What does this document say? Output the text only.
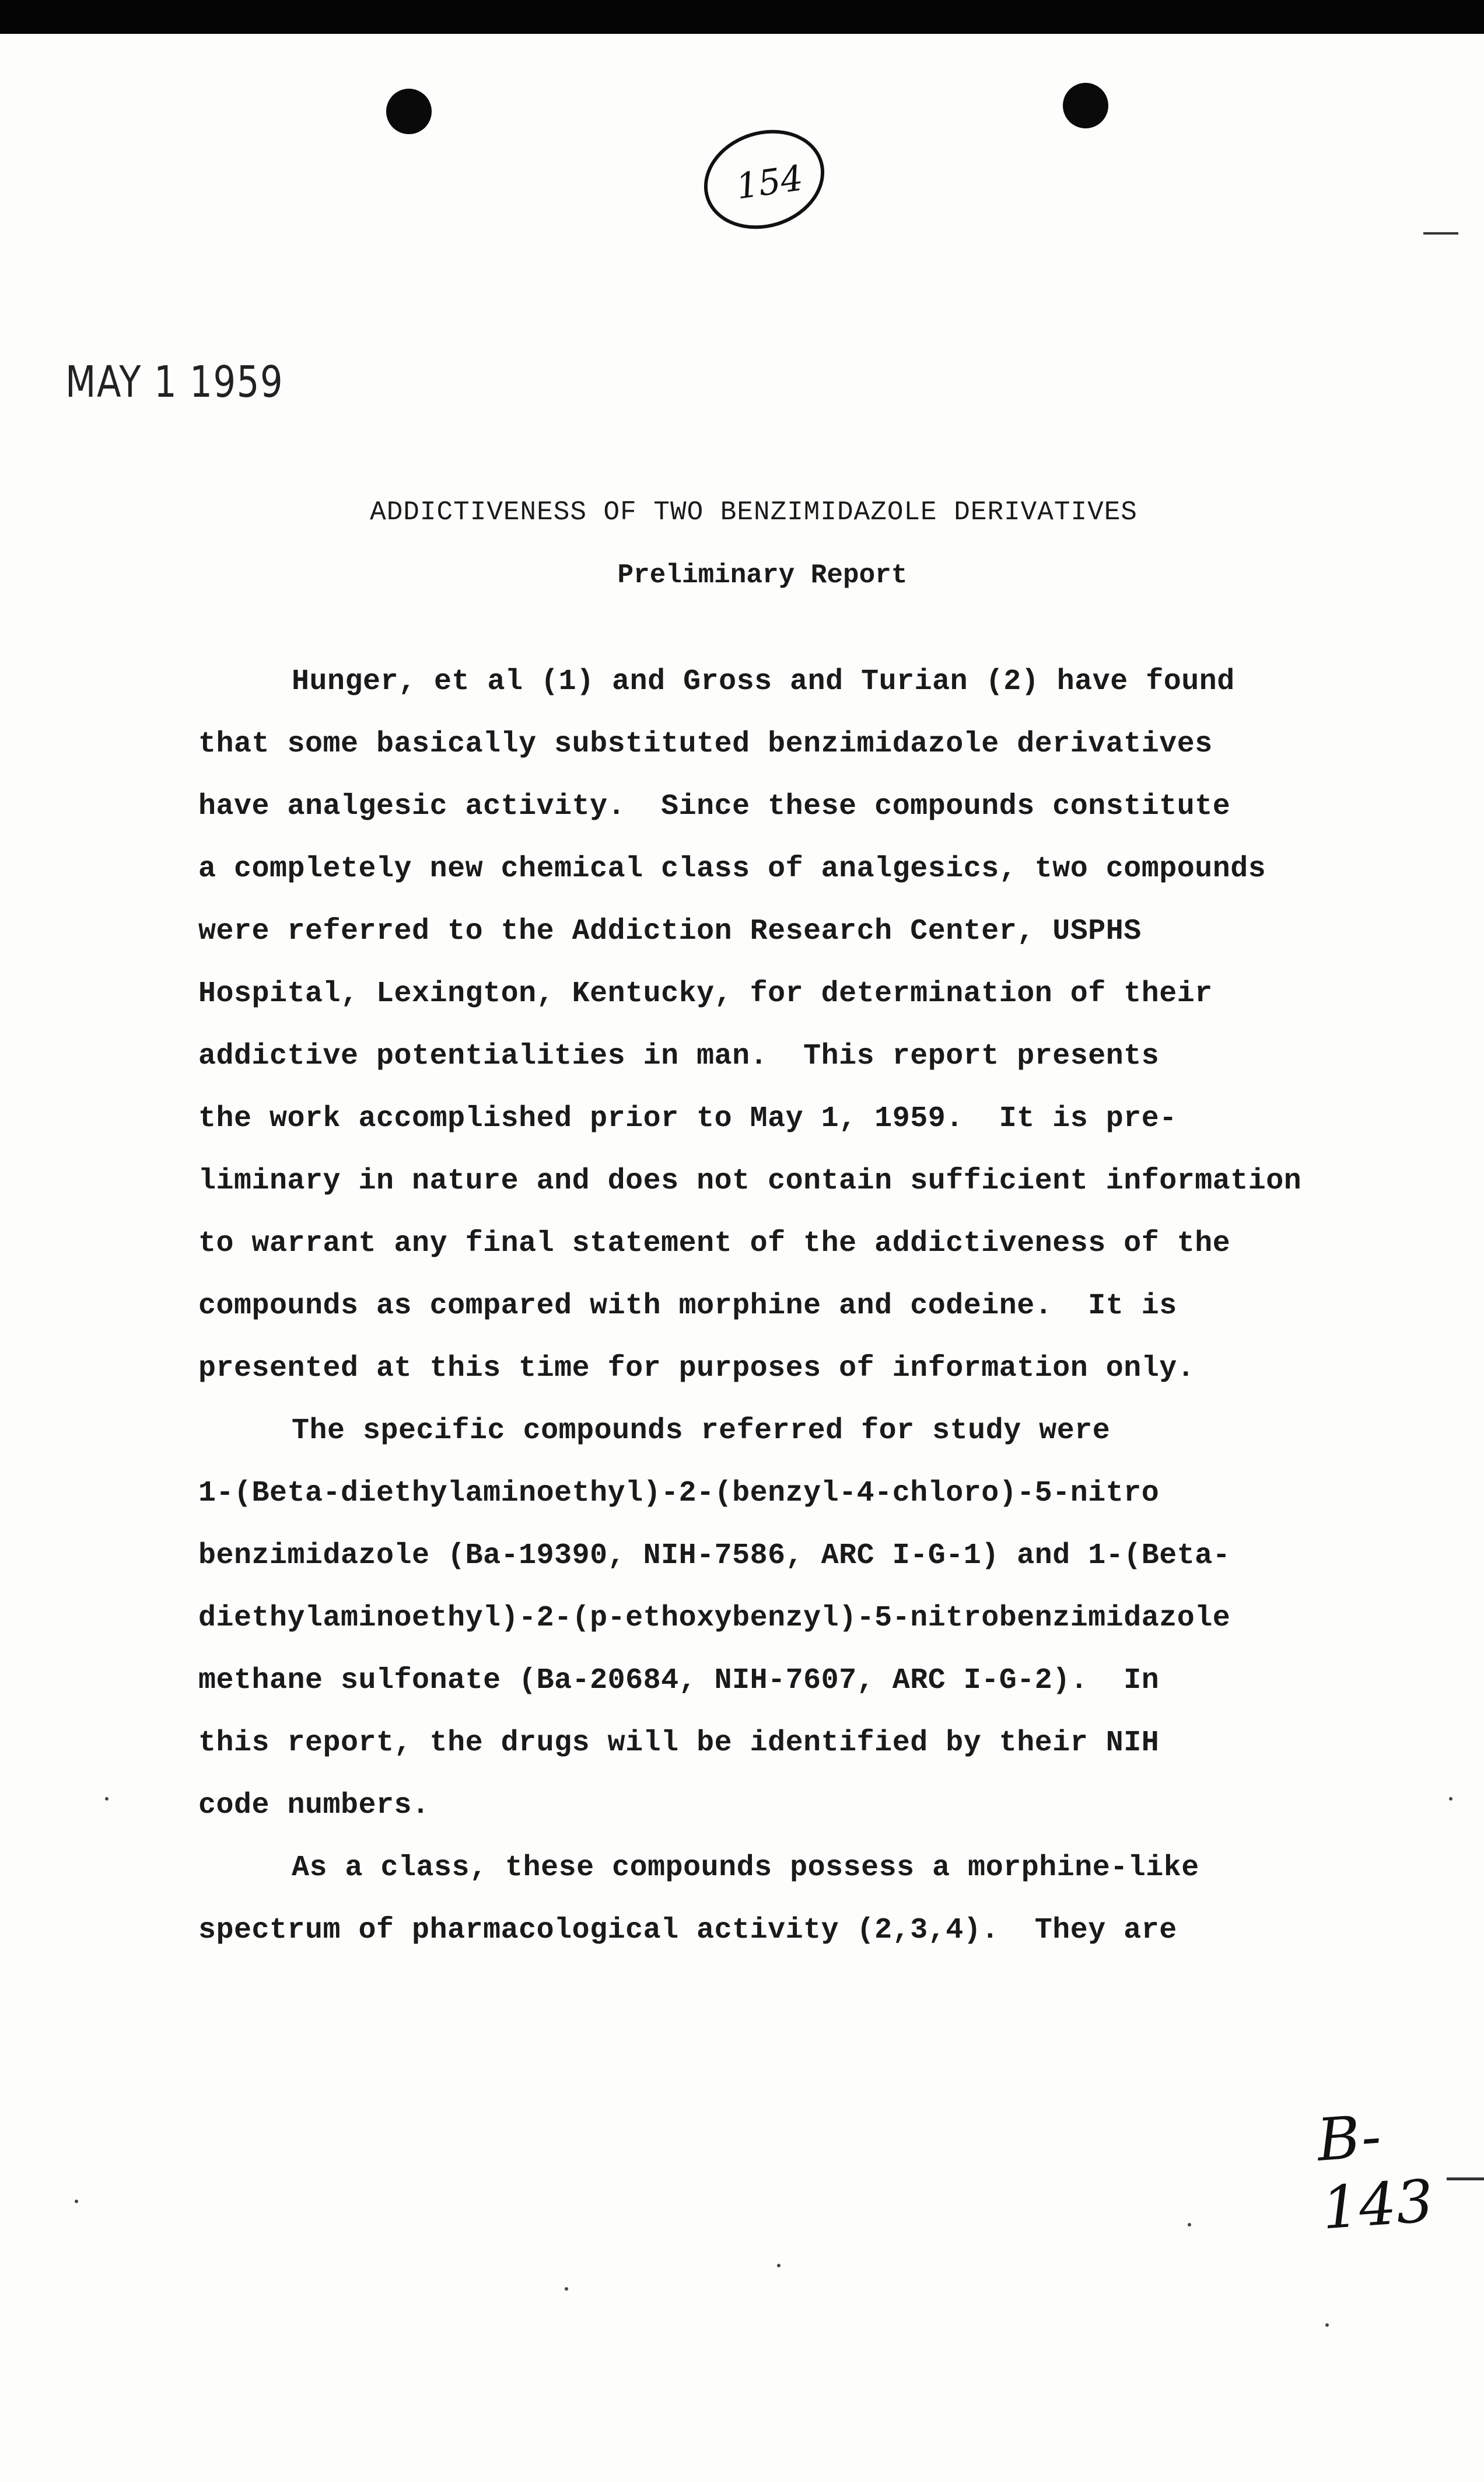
154
MAY 1 1959
ADDICTIVENESS OF TWO BENZIMIDAZOLE DERIVATIVES
Preliminary Report
Hunger, et al (1) and Gross and Turian (2) have found
that some basically substituted benzimidazole derivatives
have analgesic activity.  Since these compounds constitute
a completely new chemical class of analgesics, two compounds
were referred to the Addiction Research Center, USPHS
Hospital, Lexington, Kentucky, for determination of their
addictive potentialities in man.  This report presents
the work accomplished prior to May 1, 1959.  It is pre-
liminary in nature and does not contain sufficient information
to warrant any final statement of the addictiveness of the
compounds as compared with morphine and codeine.  It is
presented at this time for purposes of information only.
The specific compounds referred for study were
1-(Beta-diethylaminoethyl)-2-(benzyl-4-chloro)-5-nitro
benzimidazole (Ba-19390, NIH-7586, ARC I-G-1) and 1-(Beta-
diethylaminoethyl)-2-(p-ethoxybenzyl)-5-nitrobenzimidazole
methane sulfonate (Ba-20684, NIH-7607, ARC I-G-2).  In
this report, the drugs will be identified by their NIH
code numbers.
As a class, these compounds possess a morphine-like
spectrum of pharmacological activity (2,3,4).  They are
B-143
